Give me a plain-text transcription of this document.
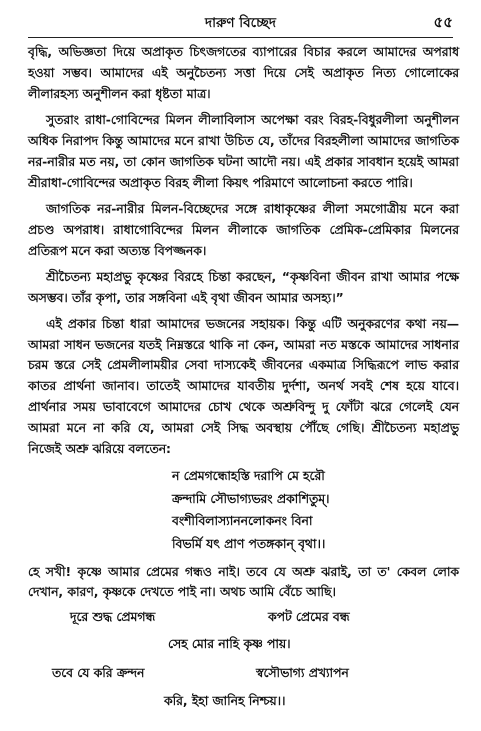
দারুণ বিচ্ছেদ	৫৫

বৃদ্ধি, অভিজ্ঞতা দিয়ে অপ্রাকৃত চিৎজগতের ব্যাপারের বিচার করলে আমাদের অপরাধ হওয়া সম্ভব। আমাদের এই অনুচৈতন্য সত্তা দিয়ে সেই অপ্রাকৃত নিত্য গোলোকের লীলারহস্য অনুশীলন করা ধৃষ্টতা মাত্র।

সুতরাং রাধা-গোবিন্দের মিলন লীলাবিলাস অপেক্ষা বরং বিরহ-বিধুরলীলা অনুশীলন অধিক নিরাপদ কিন্তু আমাদের মনে রাখা উচিত যে, তাঁদের বিরহলীলা আমাদের জাগতিক নর-নারীর মত নয়, তা কোন জাগতিক ঘটনা আদৌ নয়। এই প্রকার সাবধান হয়েই আমরা শ্রীরাধা-গোবিন্দের অপ্রাকৃত বিরহ লীলা কিয়ৎ পরিমাণে আলোচনা করতে পারি।

জাগতিক নর-নারীর মিলন-বিচ্ছেদের সঙ্গে রাধাকৃষ্ণের লীলা সমগোত্রীয় মনে করা প্রচণ্ড অপরাধ। রাধাগোবিন্দের মিলন লীলাকে জাগতিক প্রেমিক-প্রেমিকার মিলনের প্রতিরূপ মনে করা অত্যন্ত বিপজ্জনক।

শ্রীচৈতন্য মহাপ্রভু কৃষ্ণের বিরহে চিন্তা করছেন, “কৃষ্ণবিনা জীবন রাখা আমার পক্ষে অসম্ভব। তাঁর কৃপা, তার সঙ্গবিনা এই বৃথা জীবন আমার অসহ্য।”

এই প্রকার চিন্তা ধারা আমাদের ভজনের সহায়ক। কিন্তু এটি অনুকরণের কথা নয়—আমরা সাধন ভজনের যতই নিম্নস্তরে থাকি না কেন, আমরা নত মস্তকে আমাদের সাধনার চরম স্তরে সেই প্রেমলীলাময়ীর সেবা দাস্যকেই জীবনের একমাত্র সিদ্ধিরূপে লাভ করার কাতর প্রার্থনা জানাব। তাতেই আমাদের যাবতীয় দুর্দশা, অনর্থ সবই শেষ হয়ে যাবে। প্রার্থনার সময় ভাবাবেগে আমাদের চোখ থেকে অশ্রুবিন্দু দু ফোঁটা ঝরে গেলেই যেন আমরা মনে না করি যে, আমরা সেই সিদ্ধ অবস্থায় পৌঁছে গেছি। শ্রীচৈতন্য মহাপ্রভু নিজেই অশ্রু ঝরিয়ে বলতেন:

ন প্রেমগন্ধোহস্তি দরাপি মে হরৌ

ক্রন্দামি সৌভাগ্যভরং প্রকাশিতুম্।

বংশীবিলাস্যাননলোকনং বিনা

বিভর্মি যৎ প্রাণ পতঙ্গকান্ বৃথা।।

হে সখী! কৃষ্ণে আমার প্রেমের গন্ধও নাই। তবে যে অশ্রু ঝরাই, তা ত' কেবল লোক দেখান, কারণ, কৃষ্ণকে দেখতে পাই না। অথচ আমি বেঁচে আছি।

দূরে শুদ্ধ প্রেমগন্ধ	কপট প্রেমের বন্ধ
সেহ মোর নাহি কৃষ্ণ পায়।
তবে যে করি ক্রন্দন	স্বসৌভাগ্য প্রখ্যাপন
করি, ইহা জানিহ নিশ্চয়।।
